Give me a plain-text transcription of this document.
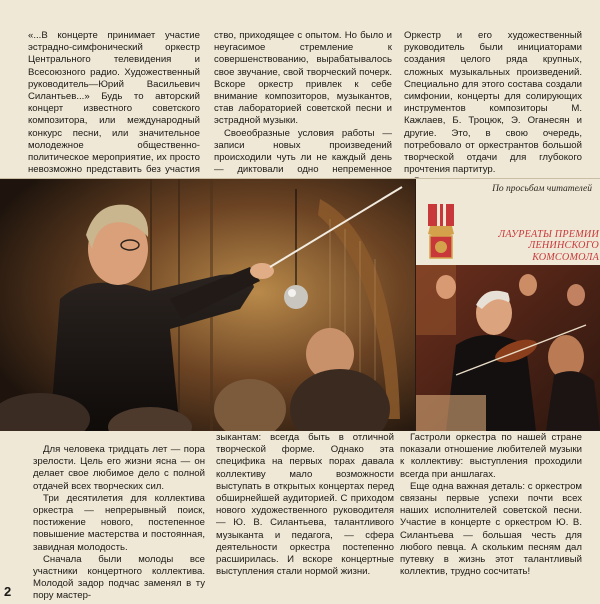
«...В концерте принимает участие эстрадно-симфонический оркестр Центрального телевидения и Всесоюзного радио. Художественный руководитель—Юрий Васильевич Силантьев...» Будь то авторский концерт известного советского композитора, или международный конкурс песни, или значительное молодежное общественно-политическое мероприятие, их просто невозможно представить без участия

ство, приходящее с опытом. Но было и неугасимое стремление к совершенствованию, вырабатывалось свое звучание, свой творческий почерк. Вскоре оркестр привлек к себе внимание композиторов, музыкантов, став лабораторией советской песни и эстрадной музыки.

Своеобразные условия работы — записи новых произведений происходили чуть ли не каждый день — диктовали одно непременное

Оркестр и его художественный руководитель были инициаторами создания целого ряда крупных, сложных музыкальных произведений. Специально для этого состава создали симфонии, концерты для солирующих инструментов композиторы М. Кажлаев, Б. Троцюк, Э. Оганесян и другие. Это, в свою очередь, потребовало от оркестрантов большой творческой отдачи для глубокого прочтения партитур.

По просьбам читателей
ЛАУРЕАТЫ ПРЕМИИ
ЛЕНИНСКОГО
КОМСОМОЛА

Для человека тридцать лет — пора зрелости. Цель его жизни ясна — он делает свое любимое дело с полной отдачей всех творческих сил.

Три десятилетия для коллектива оркестра — непрерывный поиск, постижение нового, постепенное повышение мастерства и постоянная, завидная молодость.

Сначала были молоды все участники концертного коллектива. Молодой задор подчас заменял в ту пору мастер-

зыкантам: всегда быть в отличной творческой форме. Однако эта специфика на первых порах давала коллективу мало возможности выступать в открытых концертах перед обширнейшей аудиторией. С приходом нового художественного руководителя — Ю. В. Силантьева, талантливого музыканта и педагога, — сфера деятельности оркестра постепенно расширилась. И вскоре концертные выступления стали нормой жизни.

Гастроли оркестра по нашей стране показали отношение любителей музыки к коллективу: выступления проходили всегда при аншлагах.

Еще одна важная деталь: с оркестром связаны первые успехи почти всех наших исполнителей советской песни. Участие в концерте с оркестром Ю. В. Силантьева — большая честь для любого певца. А скольким песням дал путевку в жизнь этот талантливый коллектив, трудно сосчитать!

2
